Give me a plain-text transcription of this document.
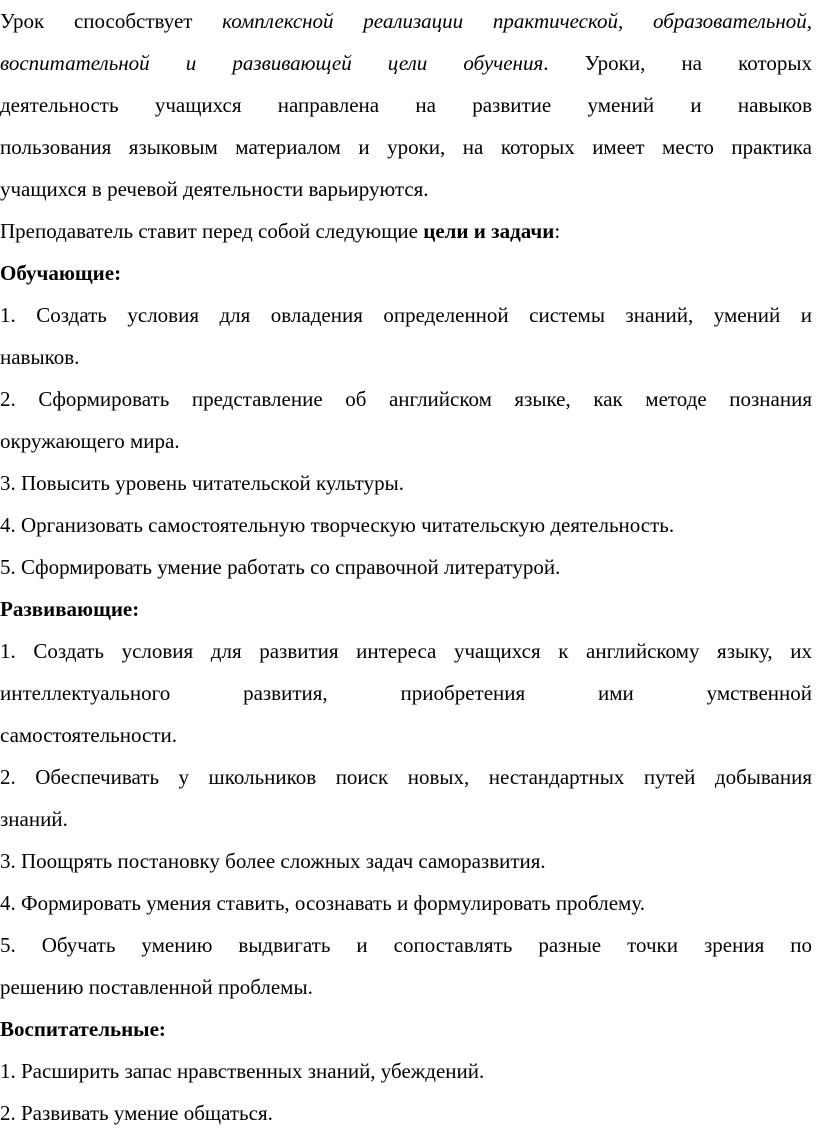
Урок способствует комплексной реализации практической, образовательной,
воспитательной и развивающей цели обучения. Уроки, на которых
деятельность учащихся направлена на развитие умений и навыков
пользования языковым материалом и уроки, на которых имеет место практика
учащихся в речевой деятельности варьируются.

Преподаватель ставит перед собой следующие цели и задачи:

Обучающие:

1. Создать условия для овладения определенной системы знаний, умений и
навыков.

2. Сформировать представление об английском языке, как методе познания
окружающего мира.

3. Повысить уровень читательской культуры.

4. Организовать самостоятельную творческую читательскую деятельность.

5. Сформировать умение работать со справочной литературой.

Развивающие:

1. Создать условия для развития интереса учащихся к английскому языку, их
интеллектуального развития, приобретения ими умственной
самостоятельности.

2. Обеспечивать у школьников поиск новых, нестандартных путей добывания
знаний.

3. Поощрять постановку более сложных задач саморазвития.

4. Формировать умения ставить, осознавать и формулировать проблему.

5. Обучать умению выдвигать и сопоставлять разные точки зрения по
решению поставленной проблемы.

Воспитательные:

1. Расширить запас нравственных знаний, убеждений.

2. Развивать умение общаться.
